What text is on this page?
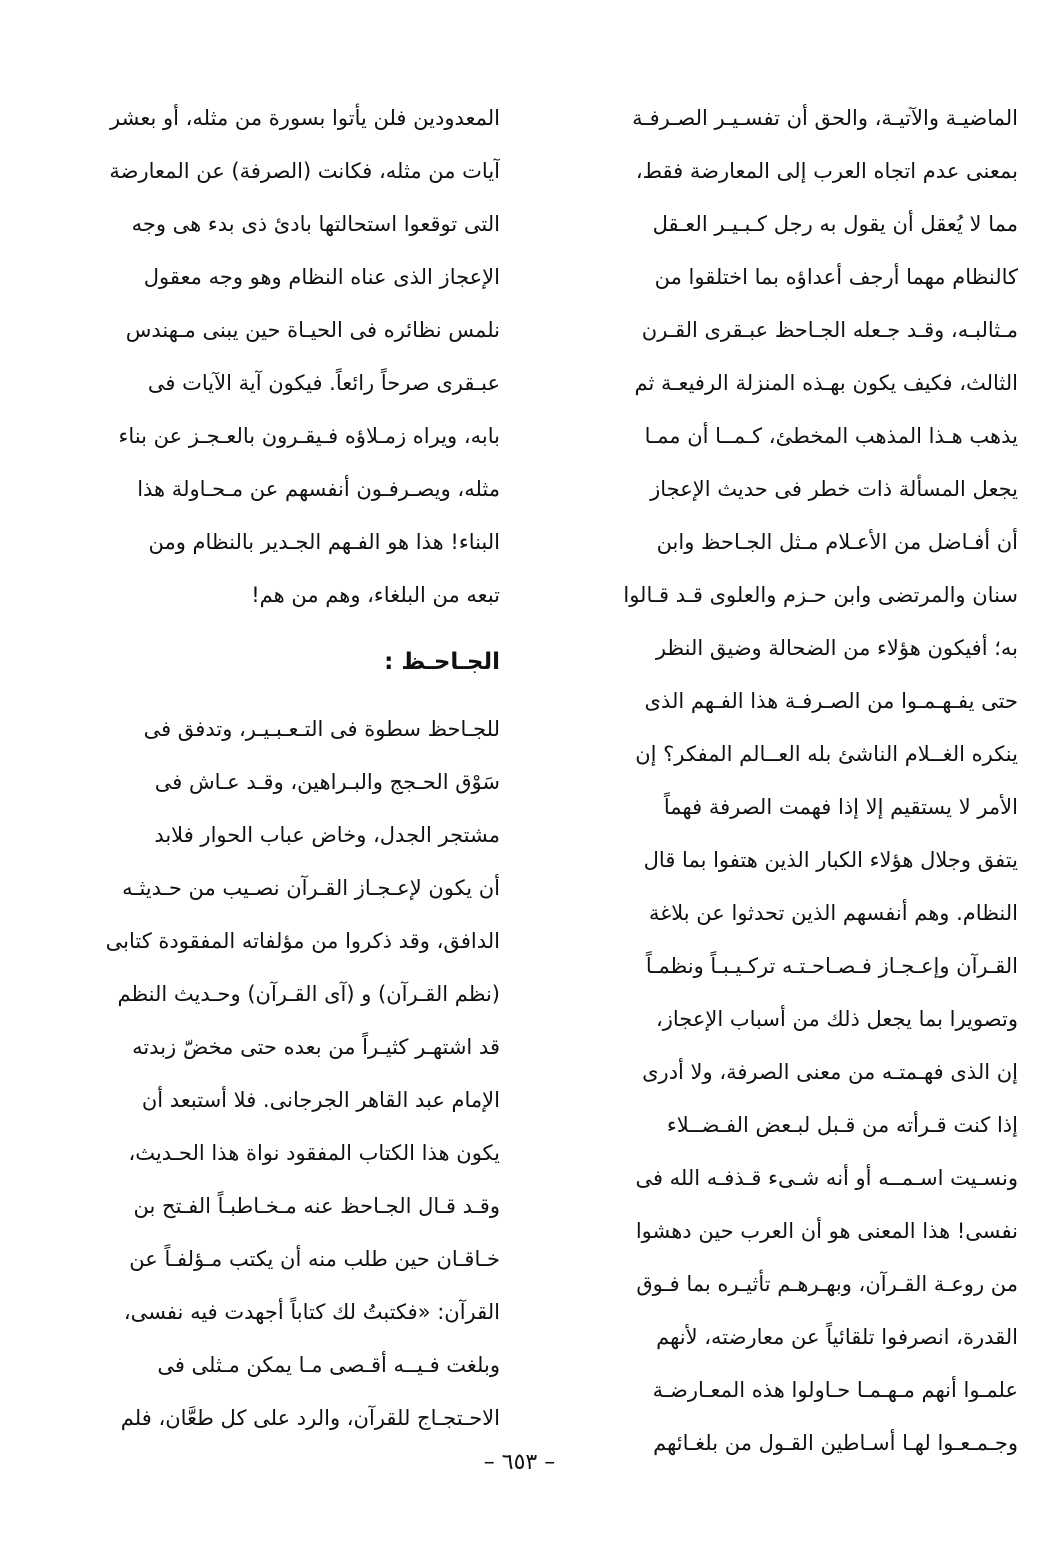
الماضيـة والآتيـة، والحق أن تفسـيـر الصـرفـة
بمعنى عدم اتجاه العرب إلى المعارضة فقط،
مما لا يُعقل أن يقول به رجل كـبـيـر العـقل
كالنظام مهما أرجف أعداؤه بما اختلقوا من
مـثالبـه، وقـد جـعله الجـاحظ عبـقرى القـرن
الثالث، فكيف يكون بهـذه المنزلة الرفيعـة ثم
يذهب هـذا المذهب المخطئ، كـمــا أن ممـا
يجعل المسألة ذات خطر فى حديث الإعجاز
أن أفـاضل من الأعـلام مـثل الجـاحظ وابن
سنان والمرتضى وابن حـزم والعلوى قـد قـالوا
به؛ أفيكون هؤلاء من الضحالة وضيق النظر
حتى يفـهـمـوا من الصـرفـة هذا الفـهم الذى
ينكره الغــلام الناشئ بله العــالم المفكر؟ إن
الأمر لا يستقيم إلا إذا فهمت الصرفة فهماً
يتفق وجلال هؤلاء الكبار الذين هتفوا بما قال
النظام. وهم أنفسهم الذين تحدثوا عن بلاغة
القـرآن وإعـجـاز فـصـاحـتـه تركـيـبـاً ونظمـاً
وتصويرا بما يجعل ذلك من أسباب الإعجاز،
إن الذى فهـمتـه من معنى الصرفة، ولا أدرى
إذا كنت قـرأته من قـبل لبـعض الفـضــلاء
ونسـيت اسـمــه أو أنه شـىء قـذفـه الله فى
نفسى! هذا المعنى هو أن العرب حين دهشوا
من روعـة القـرآن، وبهـرهـم تأثيـره بما فـوق
القدرة، انصرفوا تلقائياً عن معارضته، لأنهم
علمـوا أنهم مـهـمـا حـاولوا هذه المعـارضـة
وجـمـعـوا لهـا أسـاطين القـول من بلغـائهم
المعدودين فلن يأتوا بسورة من مثله، أو بعشر
آيات من مثله، فكانت (الصرفة) عن المعارضة
التى توقعوا استحالتها بادئ ذى بدء هى وجه
الإعجاز الذى عناه النظام وهو وجه معقول
نلمس نظائره فى الحيـاة حين يبنى مـهندس
عبـقرى صرحاً رائعاً. فيكون آية الآيات فى
بابه، ويراه زمـلاؤه فـيقـرون بالعـجـز عن بناء
مثله، ويصـرفـون أنفسهم عن مـحـاولة هذا
البناء! هذا هو الفـهم الجـدير بالنظام ومن
تبعه من البلغاء، وهم من هم!
الجـاحـظ :
للجـاحظ سطوة فى التـعـبـيـر، وتدفق فى
سَوْق الحـجج والبـراهين، وقـد عـاش فى
مشتجر الجدل، وخاض عباب الحوار فلابد
أن يكون لإعـجـاز القـرآن نصـيب من حـديثـه
الدافق، وقد ذكروا من مؤلفاته المفقودة كتابى
(نظم القـرآن) و (آى القـرآن) وحـديث النظم
قد اشتهـر كثيـراً من بعده حتى مخضّ زبدته
الإمام عبد القاهر الجرجانى. فلا أستبعد أن
يكون هذا الكتاب المفقود نواة هذا الحـديث،
وقـد قـال الجـاحظ عنه مـخـاطبـاً الفـتح بن
خـاقـان حين طلب منه أن يكتب مـؤلفـاً عن
القرآن: «فكتبتُ لك كتاباً أجهدت فيه نفسى،
وبلغت فـيــه أقـصى مـا يمكن مـثلى فى
الاحـتجـاج للقرآن، والرد على كل طعَّان، فلم
– ٦٥٣ –
